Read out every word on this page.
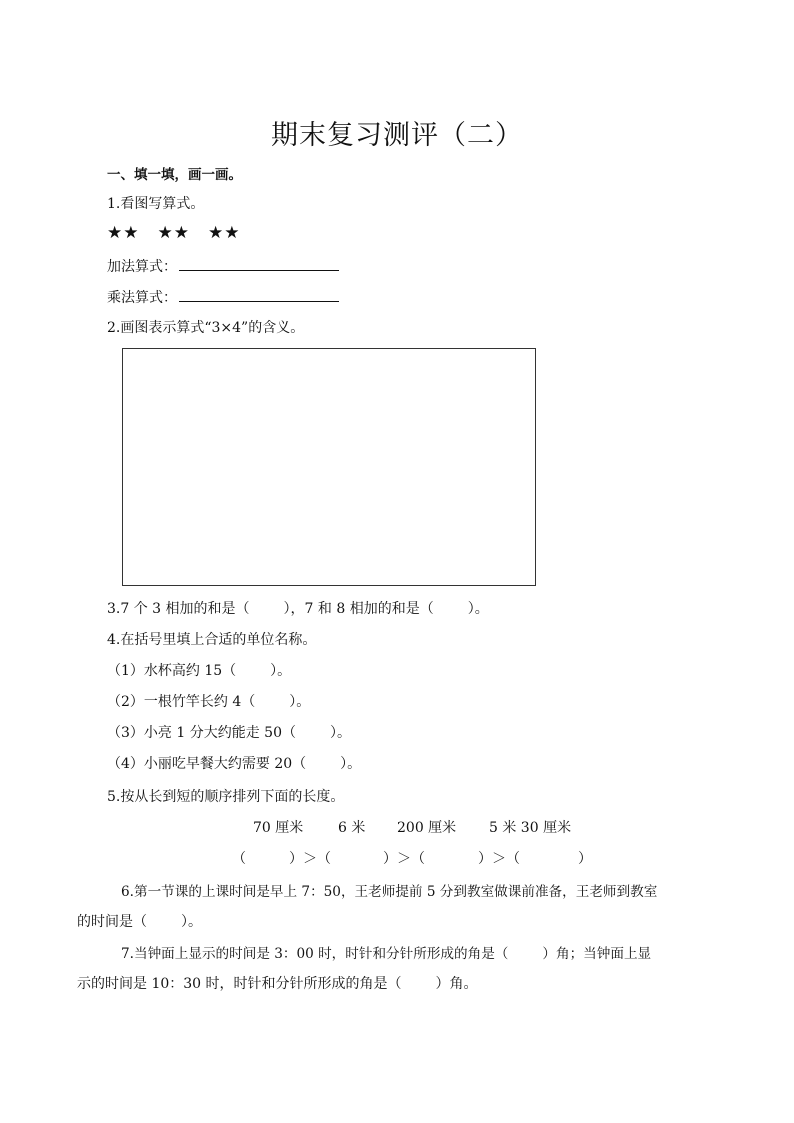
期末复习测评（二）
一、填一填，画一画。
1.看图写算式。
★★ ★★ ★★
加法算式：
乘法算式：
2.画图表示算式“3×4”的含义。
3.7 个 3 相加的和是（ ），7 和 8 相加的和是（ ）。
4.在括号里填上合适的单位名称。
（1）水杯高约 15（ ）。
（2）一根竹竿长约 4（ ）。
（3）小亮 1 分大约能走 50（ ）。
（4）小丽吃早餐大约需要 20（ ）。
5.按从长到短的顺序排列下面的长度。
70 厘米 6 米 200 厘米 5 米 30 厘米
（	）＞（	）＞（	）＞（	）
6.第一节课的上课时间是早上 7：50，王老师提前 5 分到教室做课前准备，王老师到教室
的时间是（ ）。
7.当钟面上显示的时间是 3：00 时，时针和分针所形成的角是（	）角；当钟面上显
示的时间是 10：30 时，时针和分针所形成的角是（ ）角。
